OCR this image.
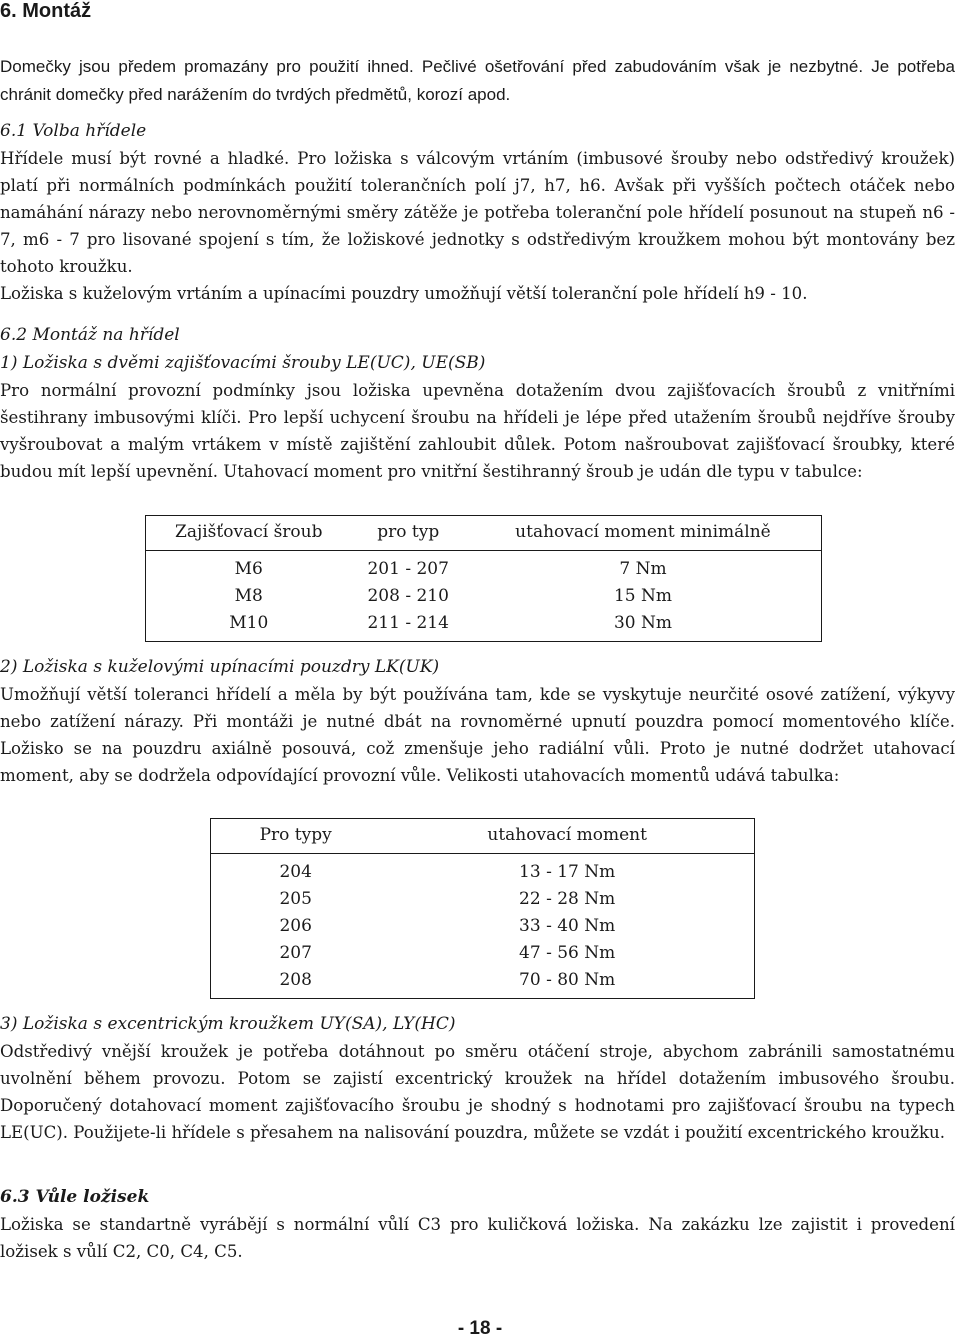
6. Montáž

Domečky jsou předem promazány pro použití ihned. Pečlivé ošetřování před zabudováním však je nezbytné. Je potřeba chránit domečky před narážením do tvrdých předmětů, korozí apod.

6.1 Volba hřídele

Hřídele musí být rovné a hladké. Pro ložiska s válcovým vrtáním (imbusové šrouby nebo odstředivý kroužek) platí při normálních podmínkách použití tolerančních polí j7, h7, h6. Avšak při vyšších počtech otáček nebo namáhání nárazy nebo nerovnoměrnými směry zátěže je potřeba toleranční pole hřídelí posunout na stupeň n6 - 7, m6 - 7 pro lisované spojení s tím, že ložiskové jednotky s odstředivým kroužkem mohou být montovány bez tohoto kroužku.

Ložiska s kuželovým vrtáním a upínacími pouzdry umožňují větší toleranční pole hřídelí h9 - 10.

6.2 Montáž na hřídel

1) Ložiska s dvěmi zajišťovacími šrouby LE(UC), UE(SB)

Pro normální provozní podmínky jsou ložiska upevněna dotažením dvou zajišťovacích šroubů z vnitřními šestihrany imbusovými klíči. Pro lepší uchycení šroubu na hřídeli je lépe před utažením šroubů nejdříve šrouby vyšroubovat a malým vrtákem v místě zajištění zahloubit důlek. Potom našroubovat zajišťovací šroubky, které budou mít lepší upevnění. Utahovací moment pro vnitřní šestihranný šroub je udán dle typu v tabulce:

Zajišťovací šroub	pro typ	utahovací moment minimálně
M6	201 - 207	7 Nm
M8	208 - 210	15 Nm
M10	211 - 214	30 Nm

2) Ložiska s kuželovými upínacími pouzdry LK(UK)

Umožňují větší toleranci hřídelí a měla by být používána tam, kde se vyskytuje neurčité osové zatížení, výkyvy nebo zatížení nárazy. Při montáži je nutné dbát na rovnoměrné upnutí pouzdra pomocí momentového klíče. Ložisko se na pouzdru axiálně posouvá, což zmenšuje jeho radiální vůli. Proto je nutné dodržet utahovací moment, aby se dodržela odpovídající provozní vůle. Velikosti utahovacích momentů udává tabulka:

Pro typy	utahovací moment
204	13 - 17 Nm
205	22 - 28 Nm
206	33 - 40 Nm
207	47 - 56 Nm
208	70 - 80 Nm

3) Ložiska s excentrickým kroužkem UY(SA), LY(HC)

Odstředivý vnější kroužek je potřeba dotáhnout po směru otáčení stroje, abychom zabránili samostatnému uvolnění během provozu. Potom se zajistí excentrický kroužek na hřídel dotažením imbusového šroubu. Doporučený dotahovací moment zajišťovacího šroubu je shodný s hodnotami pro zajišťovací šroubu na typech LE(UC). Použijete-li hřídele s přesahem na nalisování pouzdra, můžete se vzdát i použití excentrického kroužku.

6.3 Vůle ložisek

Ložiska se standartně vyrábějí s normální vůlí C3 pro kuličková ložiska. Na zakázku lze zajistit i provedení ložisek s vůlí C2, C0, C4, C5.

- 18 -
